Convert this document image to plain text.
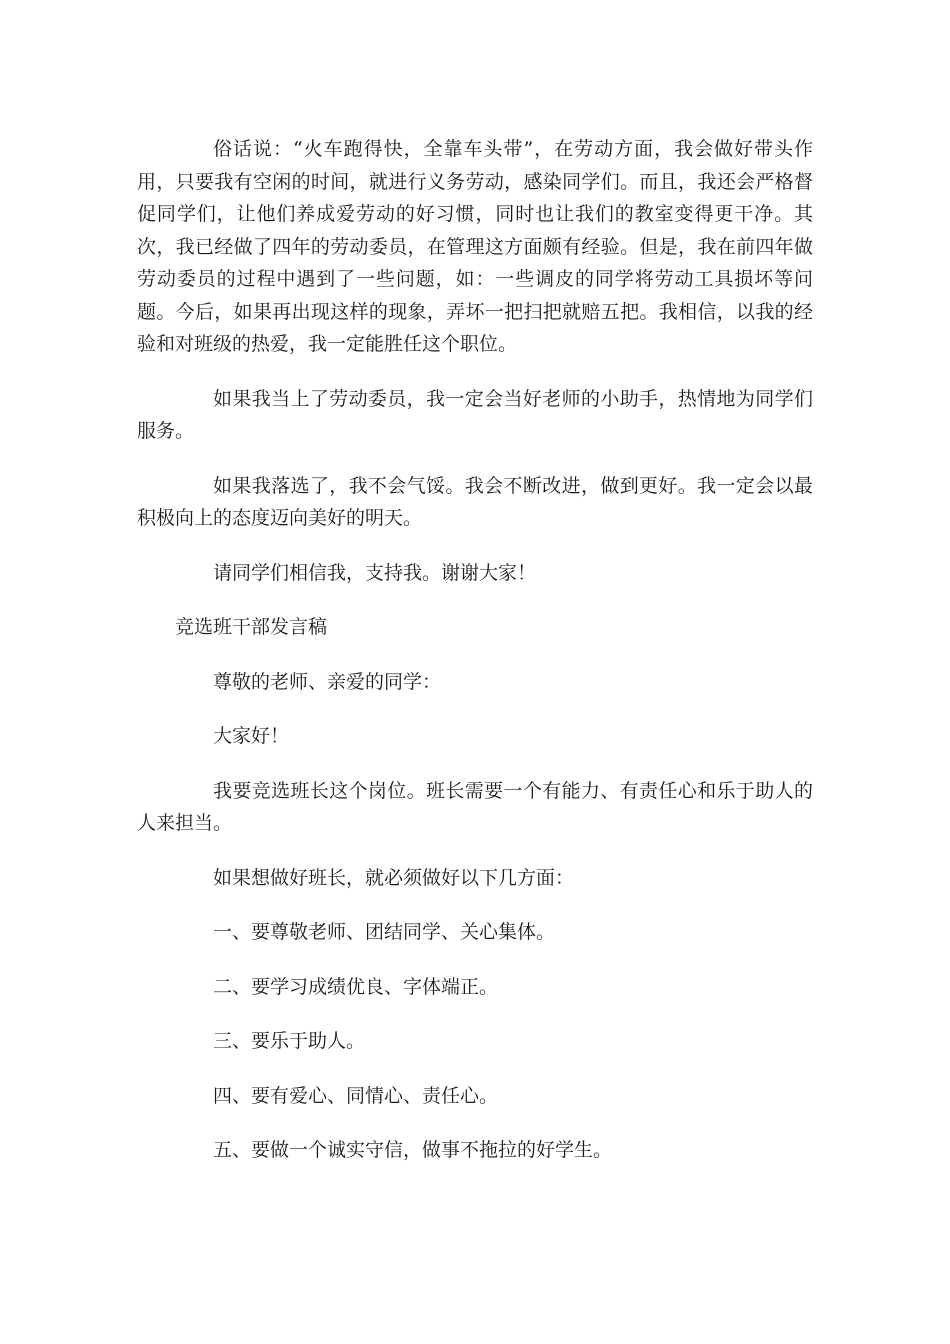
俗话说：“火车跑得快，全靠车头带”，在劳动方面，我会做好带头作用，只要我有空闲的时间，就进行义务劳动，感染同学们。而且，我还会严格督促同学们，让他们养成爱劳动的好习惯，同时也让我们的教室变得更干净。其次，我已经做了四年的劳动委员，在管理这方面颇有经验。但是，我在前四年做劳动委员的过程中遇到了一些问题，如：一些调皮的同学将劳动工具损坏等问题。今后，如果再出现这样的现象，弄坏一把扫把就赔五把。我相信，以我的经验和对班级的热爱，我一定能胜任这个职位。

如果我当上了劳动委员，我一定会当好老师的小助手，热情地为同学们服务。

如果我落选了，我不会气馁。我会不断改进，做到更好。我一定会以最积极向上的态度迈向美好的明天。

请同学们相信我，支持我。谢谢大家！

竞选班干部发言稿

尊敬的老师、亲爱的同学：

大家好！

我要竞选班长这个岗位。班长需要一个有能力、有责任心和乐于助人的人来担当。

如果想做好班长，就必须做好以下几方面：

一、要尊敬老师、团结同学、关心集体。

二、要学习成绩优良、字体端正。

三、要乐于助人。

四、要有爱心、同情心、责任心。

五、要做一个诚实守信，做事不拖拉的好学生。
